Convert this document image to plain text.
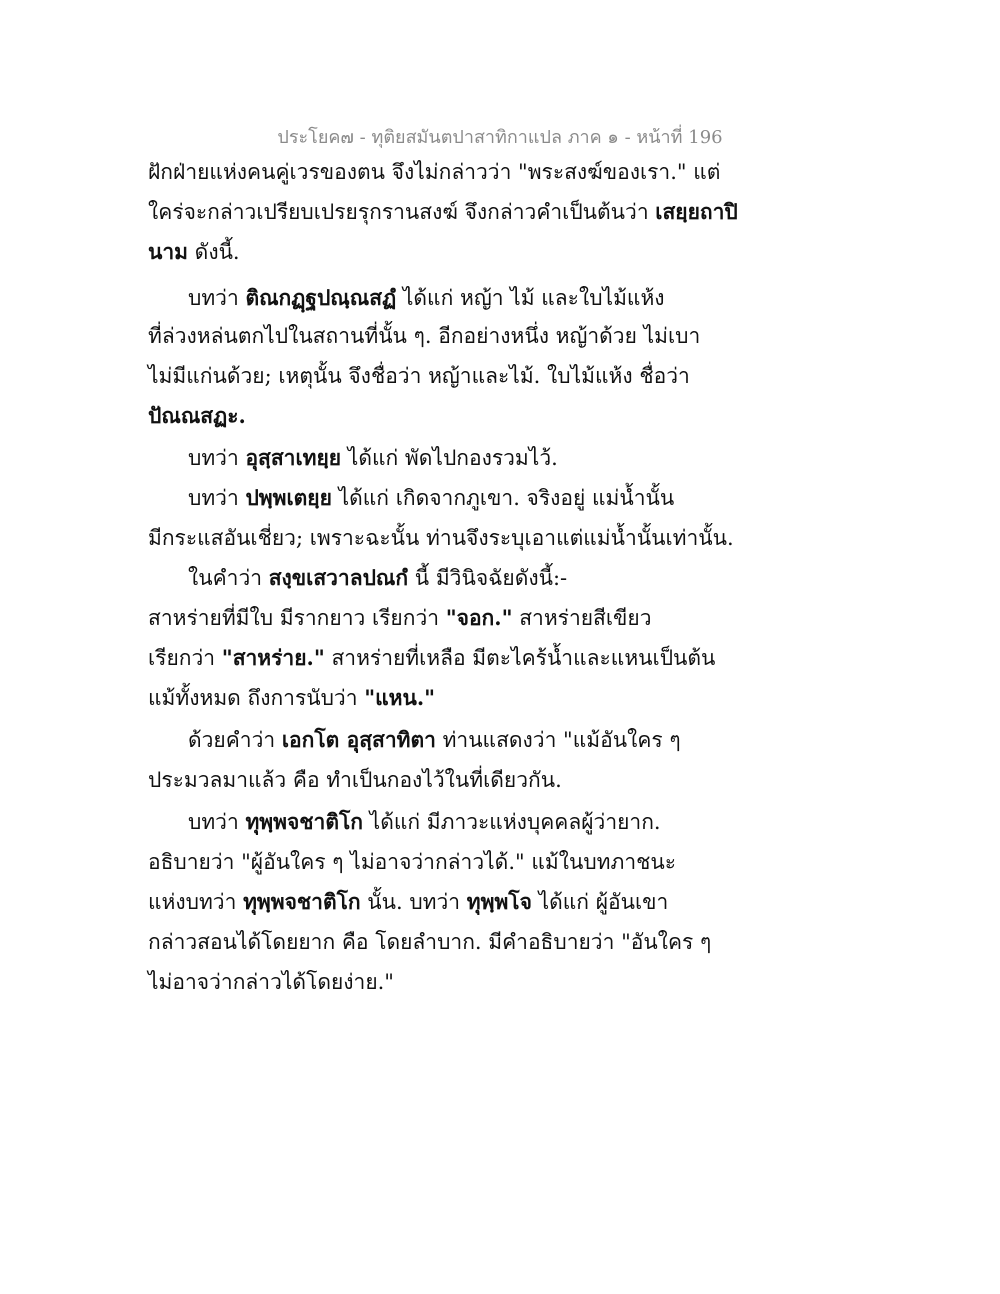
ประโยค๗ - ทุติยสมันตปาสาทิกาแปล ภาค ๑ - หน้าที่ 196
ฝักฝ่ายแห่งคนคู่เวรของตน จึงไม่กล่าวว่า "พระสงฆ์ของเรา." แต่
ใคร่จะกล่าวเปรียบเปรยรุกรานสงฆ์ จึงกล่าวคำเป็นต้นว่า เสยฺยถาปิ
นาม ดังนี้.
บทว่า ติณกฏฺฐปณฺณสฏํ ได้แก่ หญ้า ไม้ และใบไม้แห้ง
ที่ล่วงหล่นตกไปในสถานที่นั้น ๆ. อีกอย่างหนึ่ง หญ้าด้วย ไม่เบา
ไม่มีแก่นด้วย; เหตุนั้น จึงชื่อว่า หญ้าและไม้. ใบไม้แห้ง ชื่อว่า
ปัณณสฏะ.
บทว่า อุสฺสาเทยฺย ได้แก่ พัดไปกองรวมไว้.
บทว่า ปพฺพเตยฺย ได้แก่ เกิดจากภูเขา. จริงอยู่ แม่น้ำนั้น
มีกระแสอันเชี่ยว; เพราะฉะนั้น ท่านจึงระบุเอาแต่แม่น้ำนั้นเท่านั้น.
ในคำว่า สงฺขเสวาลปณกํ นี้ มีวินิจฉัยดังนี้:-
สาหร่ายที่มีใบ มีรากยาว เรียกว่า "จอก." สาหร่ายสีเขียว
เรียกว่า "สาหร่าย." สาหร่ายที่เหลือ มีตะไคร้น้ำและแหนเป็นต้น
แม้ทั้งหมด ถึงการนับว่า "แหน."
ด้วยคำว่า เอกโต อุสฺสาทิตา ท่านแสดงว่า "แม้อันใคร ๆ
ประมวลมาแล้ว คือ ทำเป็นกองไว้ในที่เดียวกัน.
บทว่า ทุพฺพจชาติโก ได้แก่ มีภาวะแห่งบุคคลผู้ว่ายาก.
อธิบายว่า "ผู้อันใคร ๆ ไม่อาจว่ากล่าวได้." แม้ในบทภาชนะ
แห่งบทว่า ทุพฺพจชาติโก นั้น. บทว่า ทุพฺพโจ ได้แก่ ผู้อันเขา
กล่าวสอนได้โดยยาก คือ โดยลำบาก. มีคำอธิบายว่า "อันใคร ๆ
ไม่อาจว่ากล่าวได้โดยง่าย."
